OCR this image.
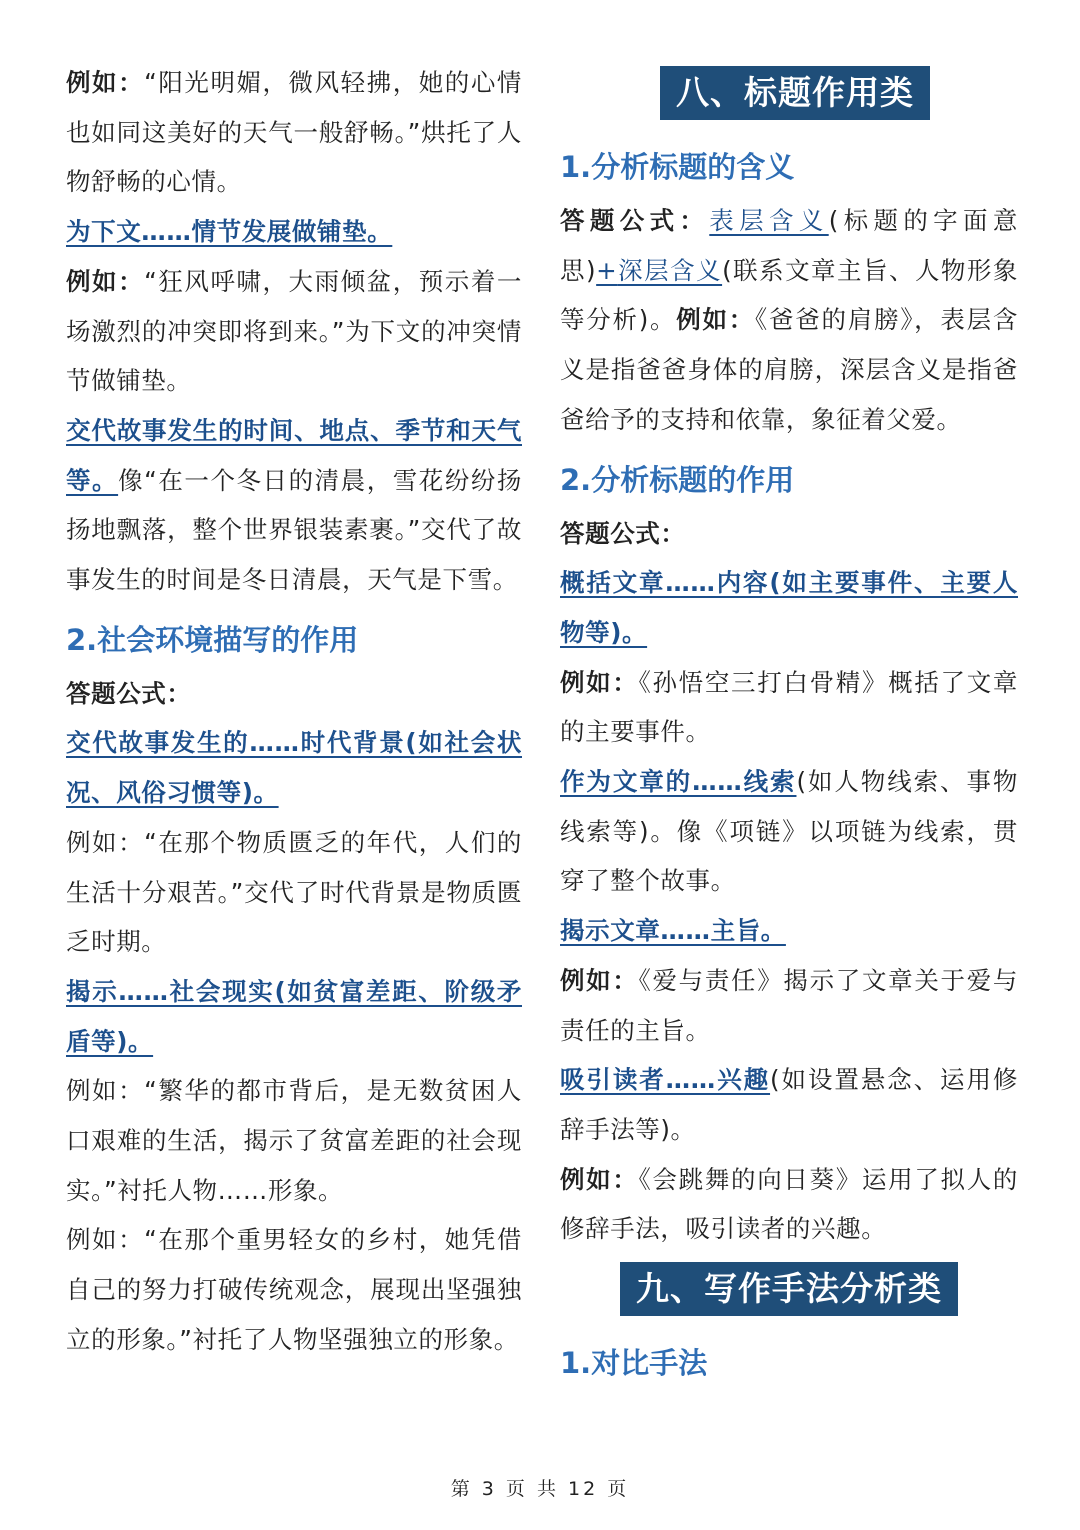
例如：“阳光明媚，微风轻拂，她的心情也如同这美好的天气一般舒畅。”烘托了人物舒畅的心情。

为下文……情节发展做铺垫。

例如：“狂风呼啸，大雨倾盆，预示着一场激烈的冲突即将到来。”为下文的冲突情节做铺垫。

交代故事发生的时间、地点、季节和天气等。像“在一个冬日的清晨，雪花纷纷扬扬地飘落，整个世界银装素裹。”交代了故事发生的时间是冬日清晨，天气是下雪。

2.社会环境描写的作用

答题公式：

交代故事发生的……时代背景(如社会状况、风俗习惯等)。

例如：“在那个物质匮乏的年代，人们的生活十分艰苦。”交代了时代背景是物质匮乏时期。

揭示……社会现实(如贫富差距、阶级矛盾等)。

例如：“繁华的都市背后，是无数贫困人口艰难的生活，揭示了贫富差距的社会现实。”衬托人物……形象。

例如：“在那个重男轻女的乡村，她凭借自己的努力打破传统观念，展现出坚强独立的形象。”衬托了人物坚强独立的形象。

八、标题作用类
1.分析标题的含义

答题公式：表层含义(标题的字面意思)+深层含义(联系文章主旨、人物形象等分析)。例如：《爸爸的肩膀》，表层含义是指爸爸身体的肩膀，深层含义是指爸爸给予的支持和依靠，象征着父爱。

2.分析标题的作用

答题公式：

概括文章……内容(如主要事件、主要人物等)。

例如：《孙悟空三打白骨精》概括了文章的主要事件。

作为文章的……线索(如人物线索、事物线索等)。像《项链》以项链为线索，贯穿了整个故事。

揭示文章……主旨。

例如：《爱与责任》揭示了文章关于爱与责任的主旨。

吸引读者……兴趣(如设置悬念、运用修辞手法等)。

例如：《会跳舞的向日葵》运用了拟人的修辞手法，吸引读者的兴趣。

九、写作手法分析类
1.对比手法
第 3 页 共 12 页
